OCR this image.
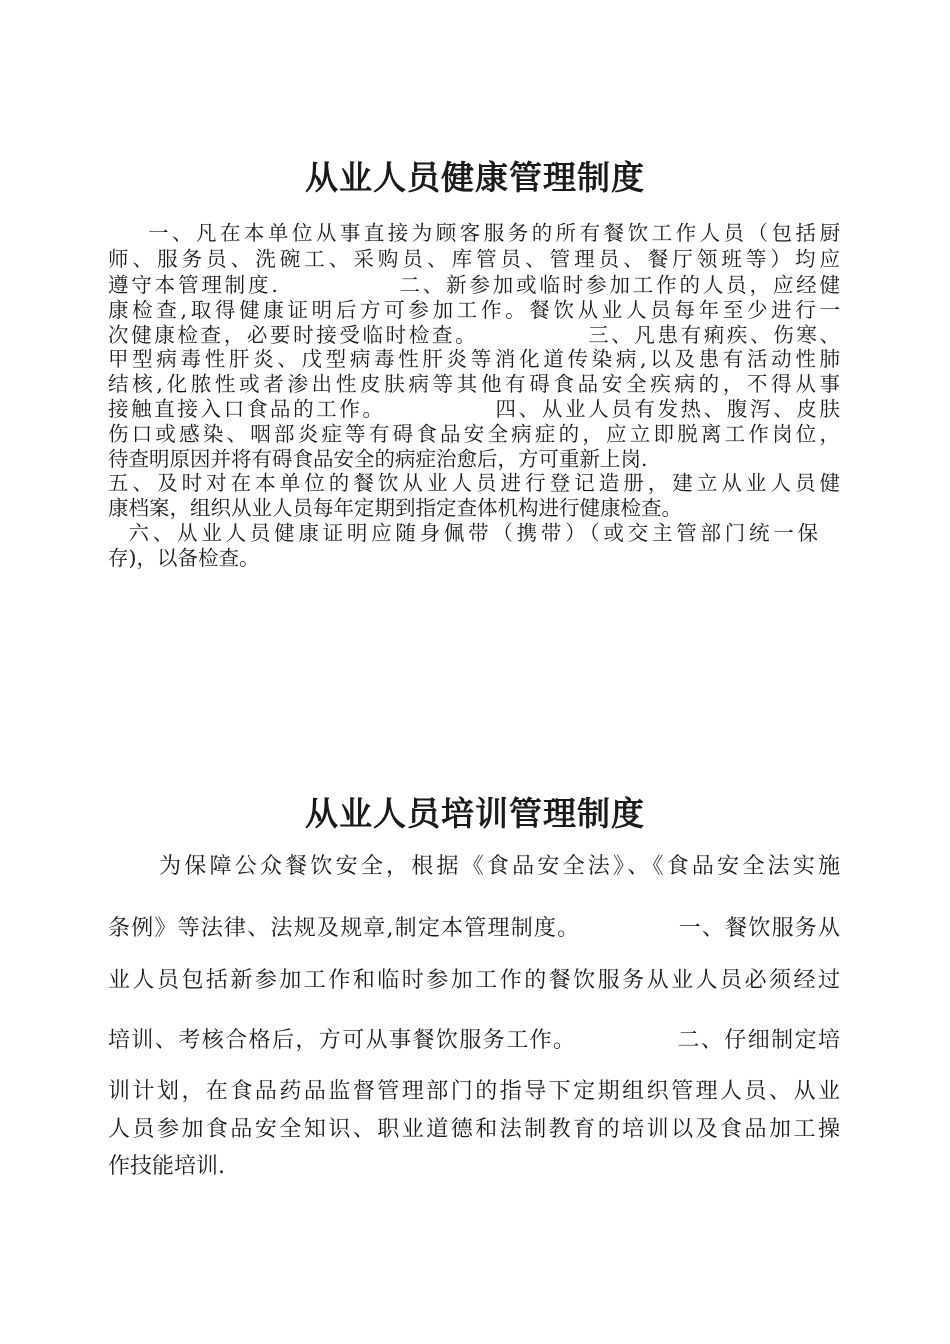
从业人员健康管理制度
一、凡在本单位从事直接为顾客服务的所有餐饮工作人员（包括厨
师、服务员、洗碗工、采购员、库管员、管理员、餐厅领班等）均应
遵守本管理制度.             二、新参加或临时参加工作的人员，应经健
康检查,取得健康证明后方可参加工作。餐饮从业人员每年至少进行一
次健康检查，必要时接受临时检查。            三、凡患有痢疾、伤寒、
甲型病毒性肝炎、戊型病毒性肝炎等消化道传染病,以及患有活动性肺
结核,化脓性或者渗出性皮肤病等其他有碍食品安全疾病的，不得从事
接触直接入口食品的工作。            四、从业人员有发热、腹泻、皮肤
伤口或感染、咽部炎症等有碍食品安全病症的，应立即脱离工作岗位，
待查明原因并将有碍食品安全的病症治愈后，方可重新上岗.
五、及时对在本单位的餐饮从业人员进行登记造册，建立从业人员健
康档案，组织从业人员每年定期到指定查体机构进行健康检查。
六、从业人员健康证明应随身佩带（携带）（或交主管部门统一保
存)，以备检查。
从业人员培训管理制度
为保障公众餐饮安全，根据《食品安全法》、《食品安全法实施
条例》等法律、法规及规章,制定本管理制度。            一、餐饮服务从
业人员包括新参加工作和临时参加工作的餐饮服务从业人员必须经过
培训、考核合格后，方可从事餐饮服务工作。            二、仔细制定培
训计划，在食品药品监督管理部门的指导下定期组织管理人员、从业
人员参加食品安全知识、职业道德和法制教育的培训以及食品加工操
作技能培训.
